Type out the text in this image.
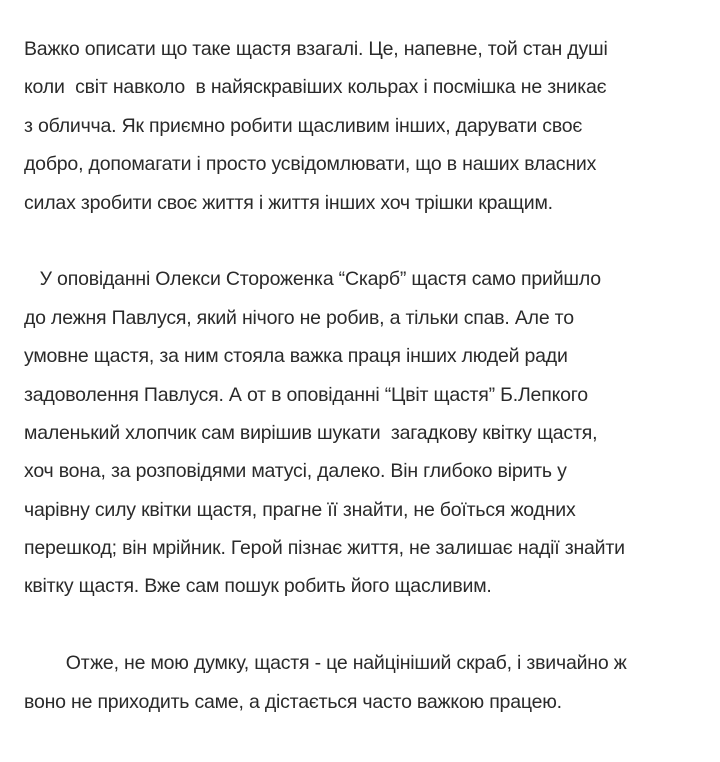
Важко описати що таке щастя взагалі. Це, напевне, той стан душі
коли  світ навколо  в найяскравіших кольрах і посмішка не зникає
з обличча. Як приємно робити щасливим інших, дарувати своє
добро, допомагати і просто усвідомлювати, що в наших власних
силах зробити своє життя і життя інших хоч трішки кращим.
У оповіданні Олекси Стороженка “Скарб” щастя само прийшло
до лежня Павлуся, який нічого не робив, а тільки спав. Але то
умовне щастя, за ним стояла важка праця інших людей ради
задоволення Павлуся. А от в оповіданні “Цвіт щастя” Б.Лепкого
маленький хлопчик сам вирішив шукати  загадкову квітку щастя,
хоч вона, за розповідями матусі, далеко. Він глибоко вірить у
чарівну силу квітки щастя, прагне її знайти, не боїться жодних
перешкод; він мрійник. Герой пізнає життя, не залишає надії знайти
квітку щастя. Вже сам пошук робить його щасливим.
Отже, не мою думку, щастя - це найцініший скраб, і звичайно ж
воно не приходить саме, а дістається часто важкою працею.
